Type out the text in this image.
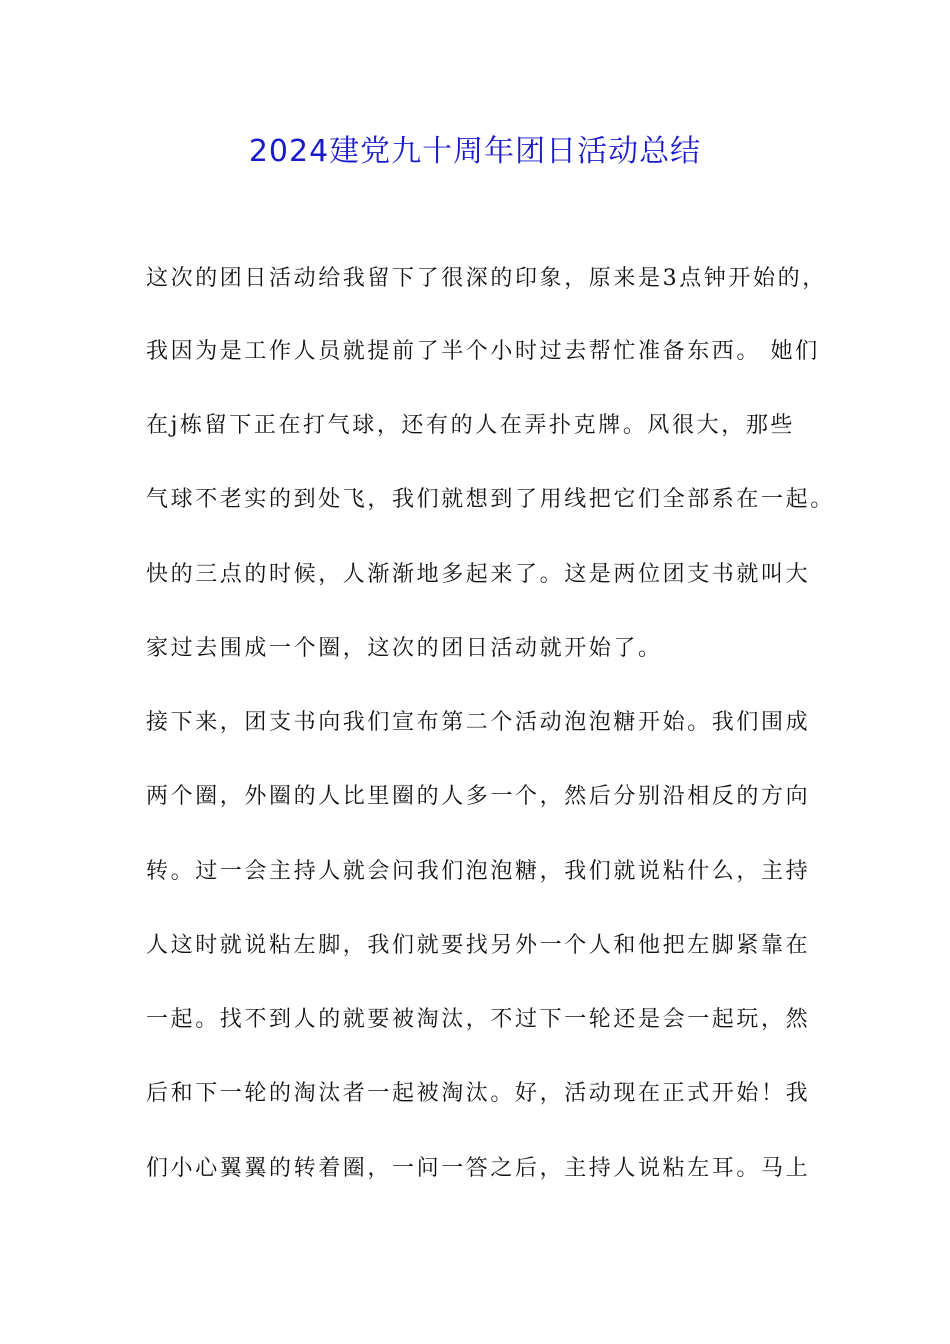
2024建党九十周年团日活动总结
这次的团日活动给我留下了很深的印象，原来是3点钟开始的，
我因为是工作人员就提前了半个小时过去帮忙准备东西。 她们
在j栋留下正在打气球，还有的人在弄扑克牌。风很大，那些
气球不老实的到处飞，我们就想到了用线把它们全部系在一起。
快的三点的时候，人渐渐地多起来了。这是两位团支书就叫大
家过去围成一个圈，这次的团日活动就开始了。
接下来，团支书向我们宣布第二个活动泡泡糖开始。我们围成
两个圈，外圈的人比里圈的人多一个，然后分别沿相反的方向
转。过一会主持人就会问我们泡泡糖，我们就说粘什么，主持
人这时就说粘左脚，我们就要找另外一个人和他把左脚紧靠在
一起。找不到人的就要被淘汰，不过下一轮还是会一起玩，然
后和下一轮的淘汰者一起被淘汰。好，活动现在正式开始！我
们小心翼翼的转着圈，一问一答之后，主持人说粘左耳。马上
